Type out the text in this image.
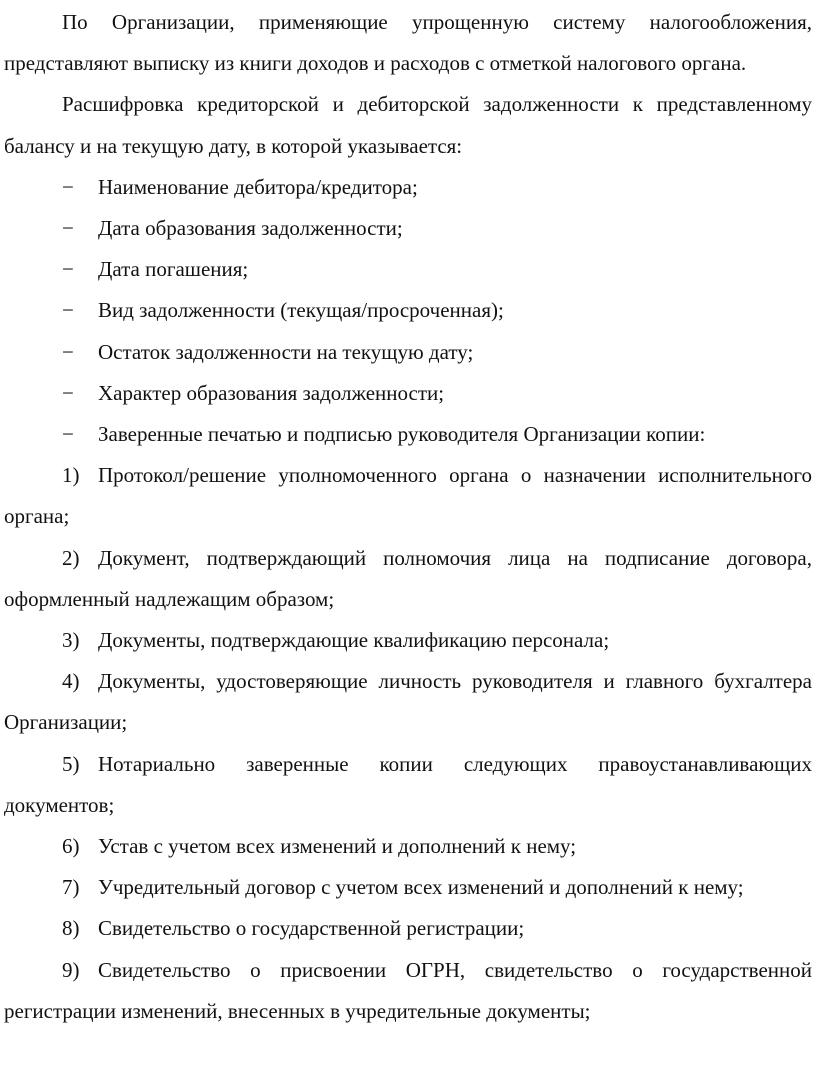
По Организации, применяющие упрощенную систему налогообложения, представляют выписку из книги доходов и расходов с отметкой налогового органа.

Расшифровка кредиторской и дебиторской задолженности к представленному балансу и на текущую дату, в которой указывается:

−	Наименование дебитора/кредитора;

−	Дата образования задолженности;

−	Дата погашения;

−	Вид задолженности (текущая/просроченная);

−	Остаток задолженности на текущую дату;

−	Характер образования задолженности;

−	Заверенные печатью и подписью руководителя Организации копии:

1) Протокол/решение уполномоченного органа о назначении исполнительного органа;

2) Документ, подтверждающий полномочия лица на подписание договора, оформленный надлежащим образом;

3) Документы, подтверждающие квалификацию персонала;

4) Документы, удостоверяющие личность руководителя и главного бухгалтера Организации;

5) Нотариально заверенные копии следующих правоустанавливающих документов;

6) Устав с учетом всех изменений и дополнений к нему;

7) Учредительный договор с учетом всех изменений и дополнений к нему;

8) Свидетельство о государственной регистрации;

9) Свидетельство о присвоении ОГРН, свидетельство о государственной регистрации изменений, внесенных в учредительные документы;
